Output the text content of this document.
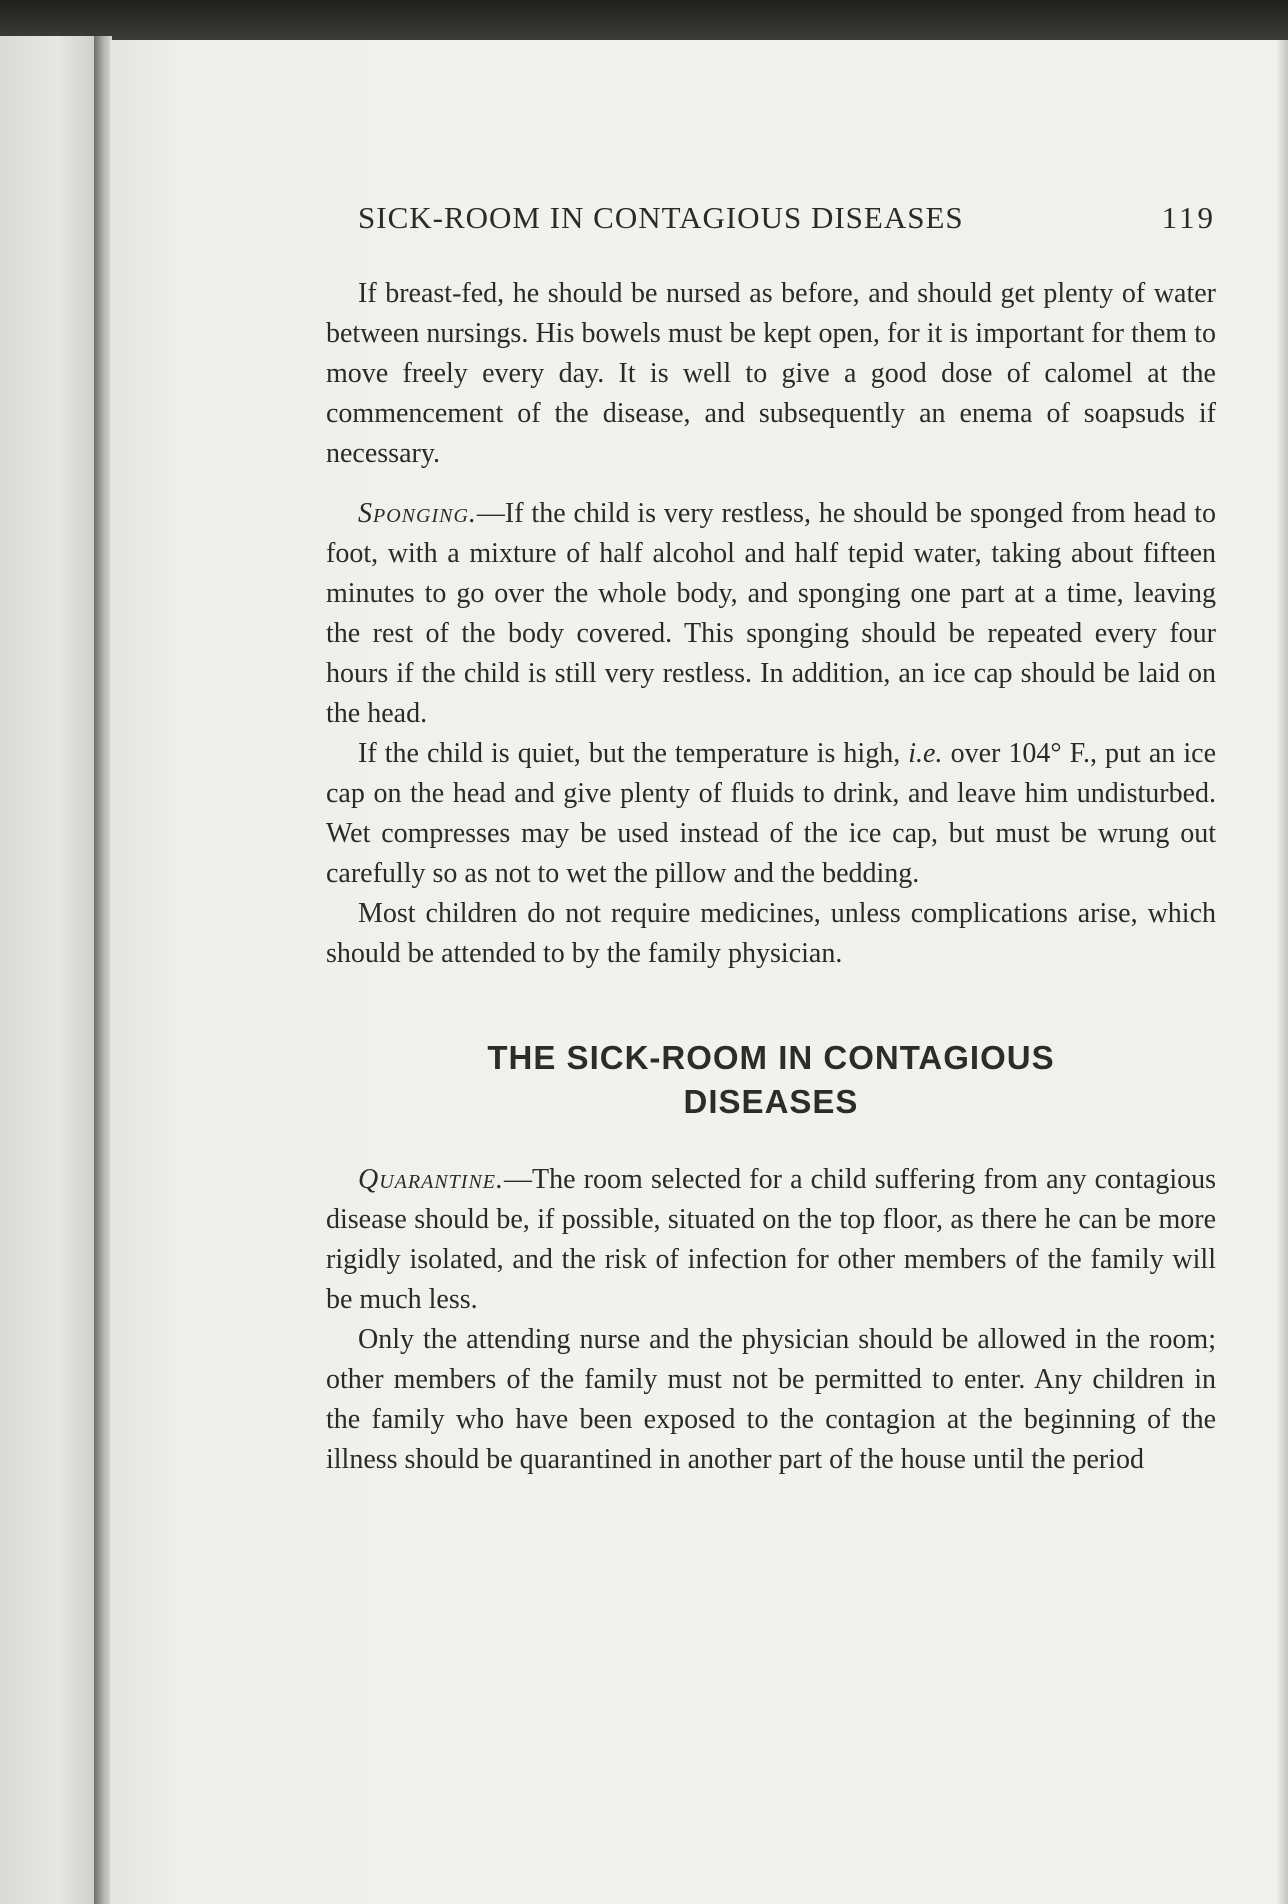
SICK-ROOM IN CONTAGIOUS DISEASES	119

If breast-fed, he should be nursed as before, and should get plenty of water between nursings. His bowels must be kept open, for it is important for them to move freely every day. It is well to give a good dose of calomel at the commencement of the disease, and subsequently an enema of soapsuds if necessary.

Sponging.—If the child is very restless, he should be sponged from head to foot, with a mixture of half alcohol and half tepid water, taking about fifteen minutes to go over the whole body, and sponging one part at a time, leaving the rest of the body covered. This sponging should be repeated every four hours if the child is still very restless. In addition, an ice cap should be laid on the head.

If the child is quiet, but the temperature is high, i.e. over 104° F., put an ice cap on the head and give plenty of fluids to drink, and leave him undisturbed. Wet compresses may be used instead of the ice cap, but must be wrung out carefully so as not to wet the pillow and the bedding.

Most children do not require medicines, unless complications arise, which should be attended to by the family physician.

THE SICK-ROOM IN CONTAGIOUS
DISEASES

Quarantine.—The room selected for a child suffering from any contagious disease should be, if possible, situated on the top floor, as there he can be more rigidly isolated, and the risk of infection for other members of the family will be much less.

Only the attending nurse and the physician should be allowed in the room; other members of the family must not be permitted to enter. Any children in the family who have been exposed to the contagion at the beginning of the illness should be quarantined in another part of the house until the period
